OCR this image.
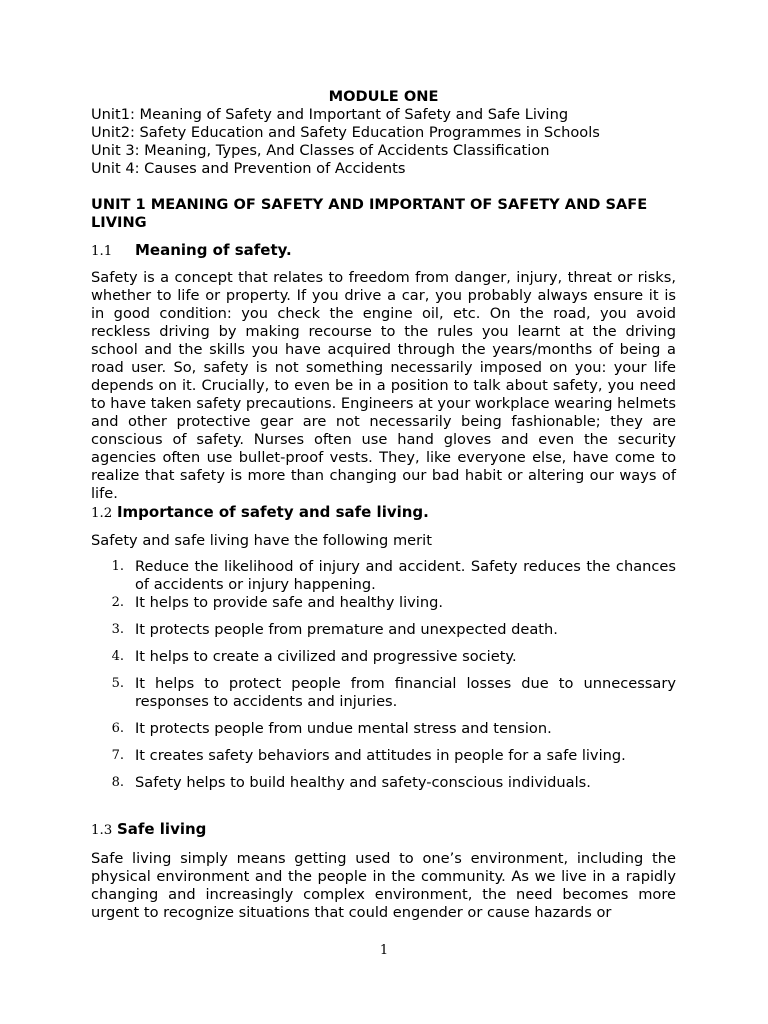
MODULE ONE

Unit1: Meaning of Safety and Important of Safety and Safe Living

Unit2: Safety Education and Safety Education Programmes in Schools

Unit 3: Meaning, Types, And Classes of Accidents Classification

Unit 4: Causes and Prevention of Accidents

UNIT 1 MEANING OF SAFETY AND IMPORTANT OF SAFETY AND SAFE LIVING

1.1	Meaning of safety.

Safety is a concept that relates to freedom from danger, injury, threat or risks, whether to life or property. If you drive a car, you probably always ensure it is in good condition: you check the engine oil, etc. On the road, you avoid reckless driving by making recourse to the rules you learnt at the driving school and the skills you have acquired through the years/months of being a road user. So, safety is not something necessarily imposed on you: your life depends on it. Crucially, to even be in a position to talk about safety, you need to have taken safety precautions. Engineers at your workplace wearing helmets and other protective gear are not necessarily being fashionable; they are conscious of safety. Nurses often use hand gloves and even the security agencies often use bullet-proof vests. They, like everyone else, have come to realize that safety is more than changing our bad habit or altering our ways of life.

1.2
Importance of safety and safe living.

Safety and safe living have the following merit

1. Reduce the likelihood of injury and accident. Safety reduces the chances of accidents or injury happening.
2. It helps to provide safe and healthy living.
3. It protects people from premature and unexpected death.
4. It helps to create a civilized and progressive society.
5. It helps to protect people from financial losses due to unnecessary responses to accidents and injuries.
6. It protects people from undue mental stress and tension.
7. It creates safety behaviors and attitudes in people for a safe living.
8. Safety helps to build healthy and safety-conscious individuals.
1.3
Safe living

Safe living simply means getting used to one’s environment, including the physical environment and the people in the community. As we live in a rapidly changing and increasingly complex environment, the need becomes more urgent to recognize situations that could engender or cause hazards or

1
